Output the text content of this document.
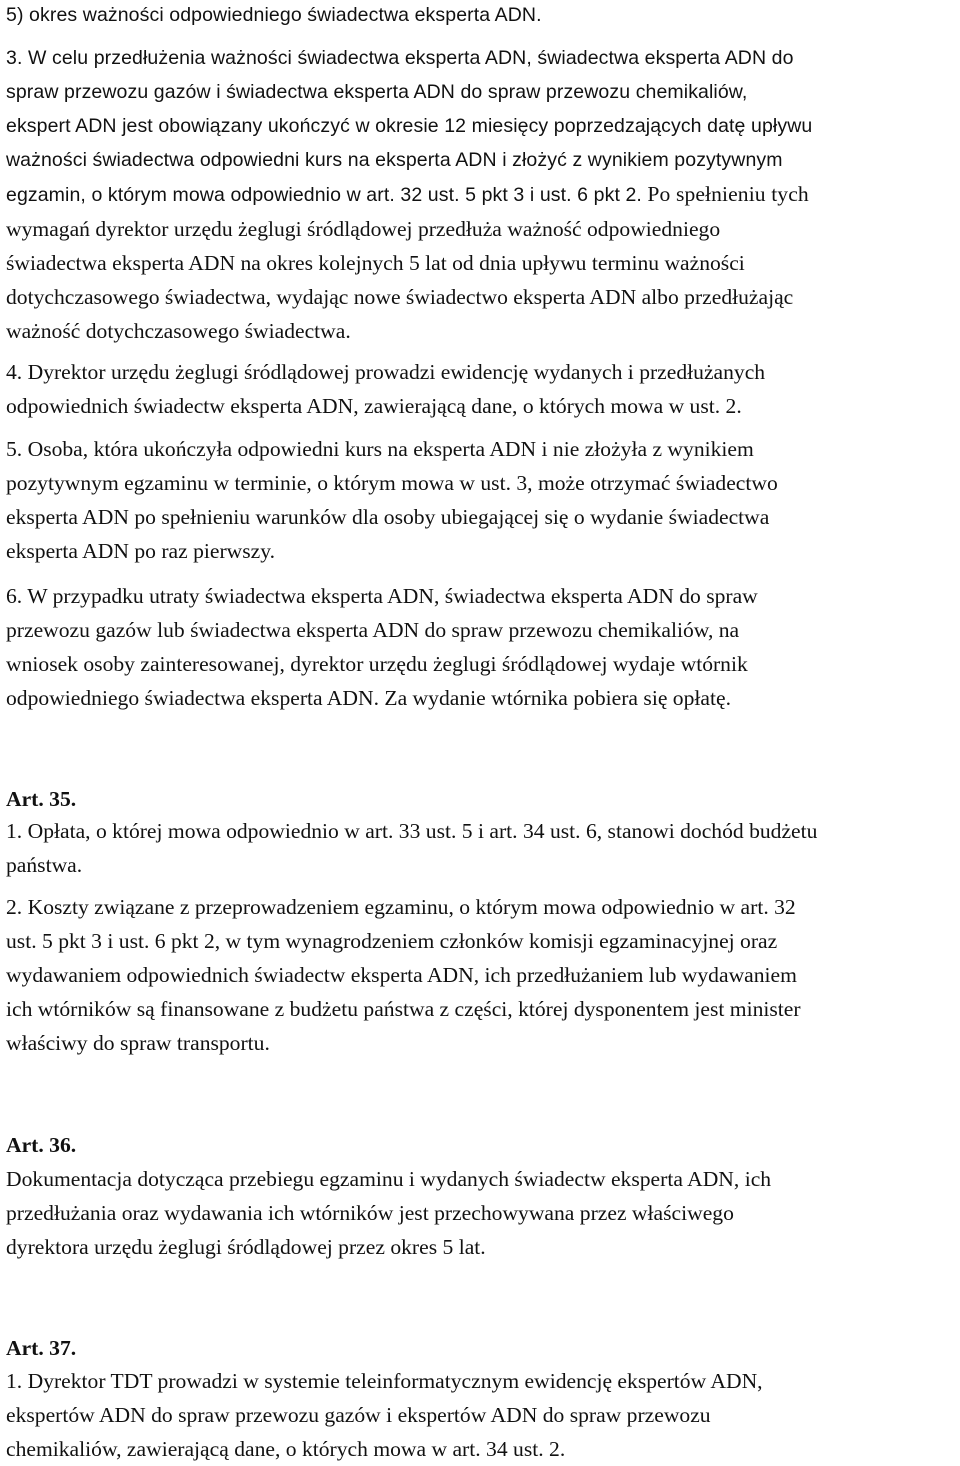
5) okres ważności odpowiedniego świadectwa eksperta ADN.

3. W celu przedłużenia ważności świadectwa eksperta ADN, świadectwa eksperta ADN do
spraw przewozu gazów i świadectwa eksperta ADN do spraw przewozu chemikaliów,
ekspert ADN jest obowiązany ukończyć w okresie 12 miesięcy poprzedzających datę upływu
ważności świadectwa odpowiedni kurs na eksperta ADN i złożyć z wynikiem pozytywnym
egzamin, o którym mowa odpowiednio w art. 32 ust. 5 pkt 3 i ust. 6 pkt 2. Po spełnieniu tych

wymagań dyrektor urzędu żeglugi śródlądowej przedłuża ważność odpowiedniego
świadectwa eksperta ADN na okres kolejnych 5 lat od dnia upływu terminu ważności
dotychczasowego świadectwa, wydając nowe świadectwo eksperta ADN albo przedłużając
ważność dotychczasowego świadectwa.

4. Dyrektor urzędu żeglugi śródlądowej prowadzi ewidencję wydanych i przedłużanych
odpowiednich świadectw eksperta ADN, zawierającą dane, o których mowa w ust. 2.

5. Osoba, która ukończyła odpowiedni kurs na eksperta ADN i nie złożyła z wynikiem
pozytywnym egzaminu w terminie, o którym mowa w ust. 3, może otrzymać świadectwo
eksperta ADN po spełnieniu warunków dla osoby ubiegającej się o wydanie świadectwa
eksperta ADN po raz pierwszy.

6. W przypadku utraty świadectwa eksperta ADN, świadectwa eksperta ADN do spraw
przewozu gazów lub świadectwa eksperta ADN do spraw przewozu chemikaliów, na
wniosek osoby zainteresowanej, dyrektor urzędu żeglugi śródlądowej wydaje wtórnik
odpowiedniego świadectwa eksperta ADN. Za wydanie wtórnika pobiera się opłatę.

Art. 35.

1. Opłata, o której mowa odpowiednio w art. 33 ust. 5 i art. 34 ust. 6, stanowi dochód budżetu
państwa.

2. Koszty związane z przeprowadzeniem egzaminu, o którym mowa odpowiednio w art. 32
ust. 5 pkt 3 i ust. 6 pkt 2, w tym wynagrodzeniem członków komisji egzaminacyjnej oraz
wydawaniem odpowiednich świadectw eksperta ADN, ich przedłużaniem lub wydawaniem
ich wtórników są finansowane z budżetu państwa z części, której dysponentem jest minister
właściwy do spraw transportu.

Art. 36.

Dokumentacja dotycząca przebiegu egzaminu i wydanych świadectw eksperta ADN, ich
przedłużania oraz wydawania ich wtórników jest przechowywana przez właściwego
dyrektora urzędu żeglugi śródlądowej przez okres 5 lat.

Art. 37.

1. Dyrektor TDT prowadzi w systemie teleinformatycznym ewidencję ekspertów ADN,
ekspertów ADN do spraw przewozu gazów i ekspertów ADN do spraw przewozu
chemikaliów, zawierającą dane, o których mowa w art. 34 ust. 2.
